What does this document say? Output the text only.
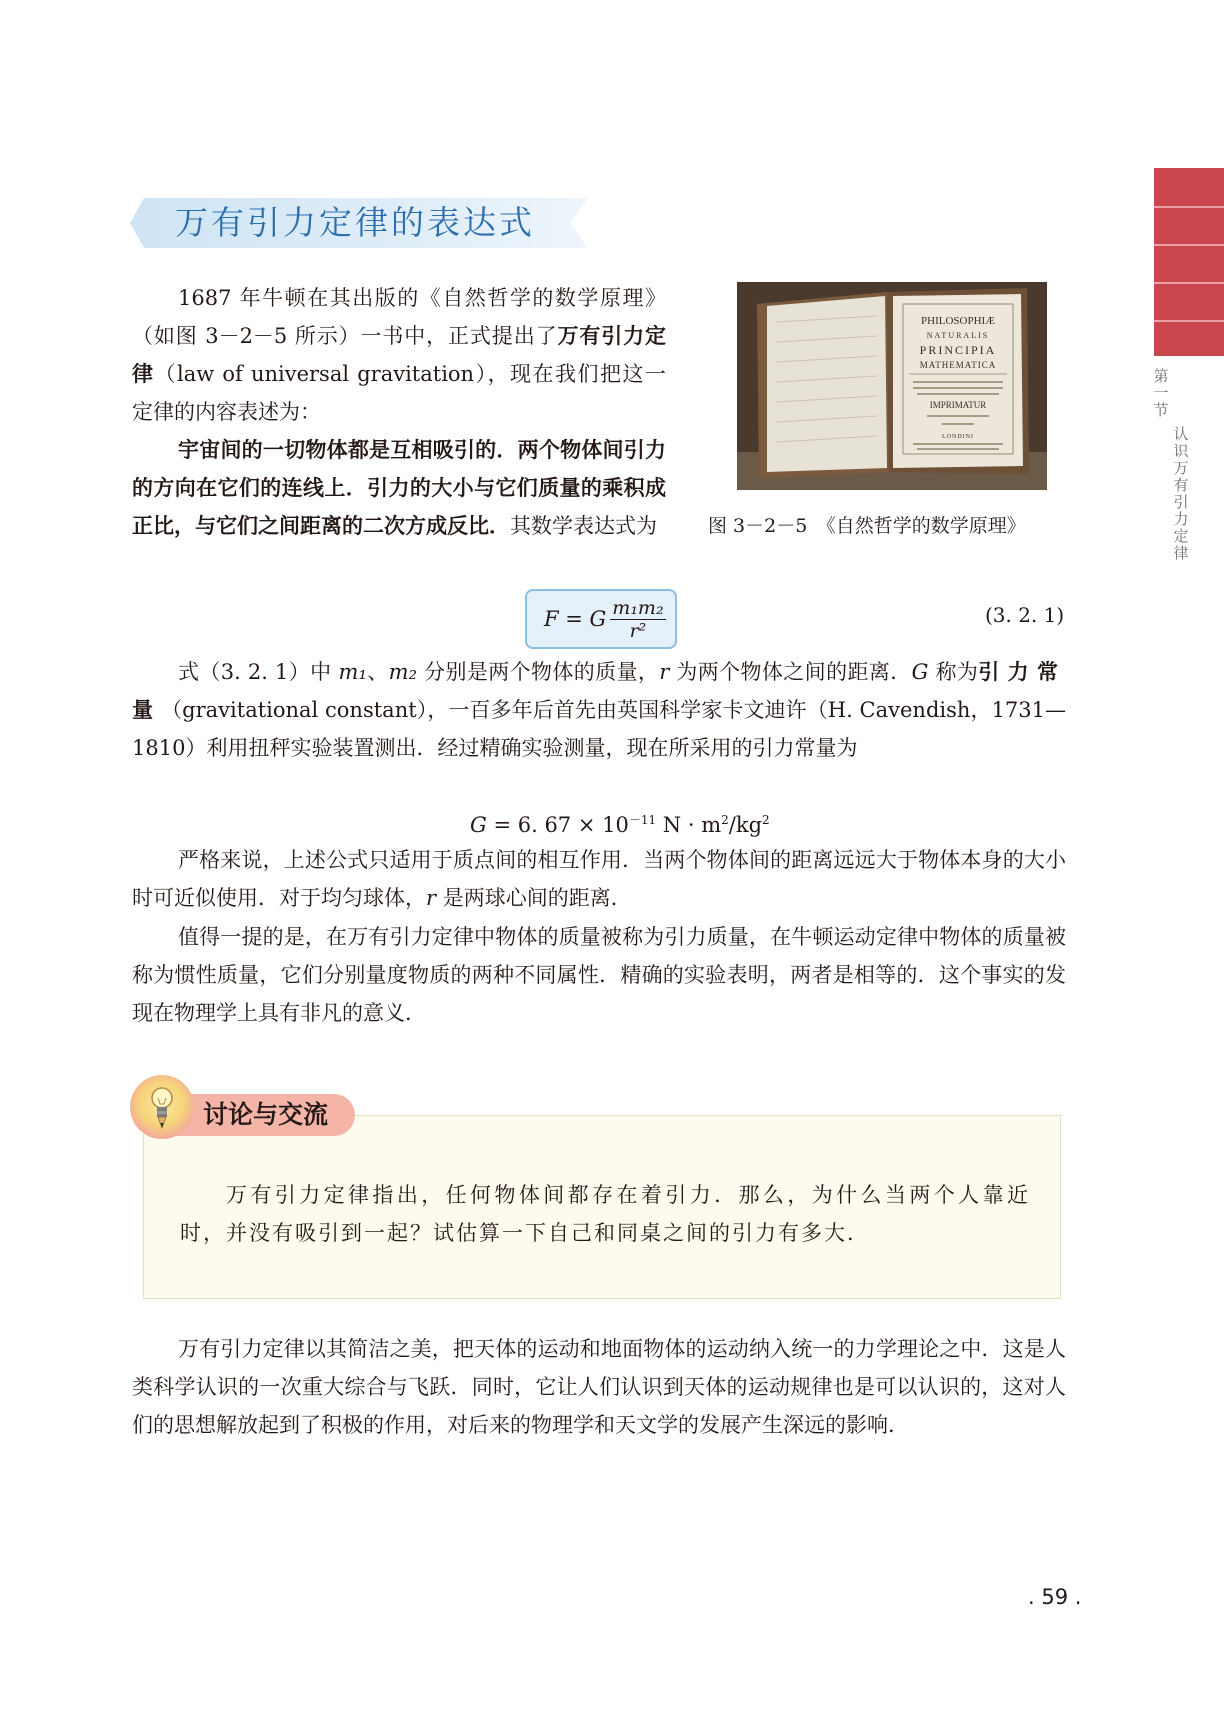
第一节
认识万有引力定律
万有引力定律的表达式

1687 年牛顿在其出版的《自然哲学的数学原理》（如图 3－2－5 所示）一书中，正式提出了万有引力定律（law of universal gravitation），现在我们把这一定律的内容表述为：

宇宙间的一切物体都是互相吸引的．两个物体间引力的方向在它们的连线上．引力的大小与它们质量的乘积成正比，与它们之间距离的二次方成反比．其数学表达式为

PHILOSOPHIÆ
NATURALIS
PRINCIPIA
MATHEMATICA
IMPRIMATUR
LONDINI
图 3－2－5　《自然哲学的数学原理》
F = G $\frac{\text{m₁m₂}}{\text{r²}}$	(3. 2. 1)

式（3. 2. 1）中 m₁、m₂ 分别是两个物体的质量，r 为两个物体之间的距离．G 称为引力常量（gravitational constant），一百多年后首先由英国科学家卡文迪许（H. Cavendish，1731—1810）利用扭秤实验装置测出．经过精确实验测量，现在所采用的引力常量为

G = 6. $67 \times 10^{-11}$ $N \cdot m^2/kg^2$

严格来说，上述公式只适用于质点间的相互作用．当两个物体间的距离远远大于物体本身的大小时可近似使用．对于均匀球体，r 是两球心间的距离．

值得一提的是，在万有引力定律中物体的质量被称为引力质量，在牛顿运动定律中物体的质量被称为惯性质量，它们分别量度物质的两种不同属性．精确的实验表明，两者是相等的．这个事实的发现在物理学上具有非凡的意义．

讨论与交流

万有引力定律指出，任何物体间都存在着引力．那么，为什么当两个人靠近时，并没有吸引到一起？试估算一下自己和同桌之间的引力有多大．

万有引力定律以其简洁之美，把天体的运动和地面物体的运动纳入统一的力学理论之中．这是人类科学认识的一次重大综合与飞跃．同时，它让人们认识到天体的运动规律也是可以认识的，这对人们的思想解放起到了积极的作用，对后来的物理学和天文学的发展产生深远的影响．

. 59 .
